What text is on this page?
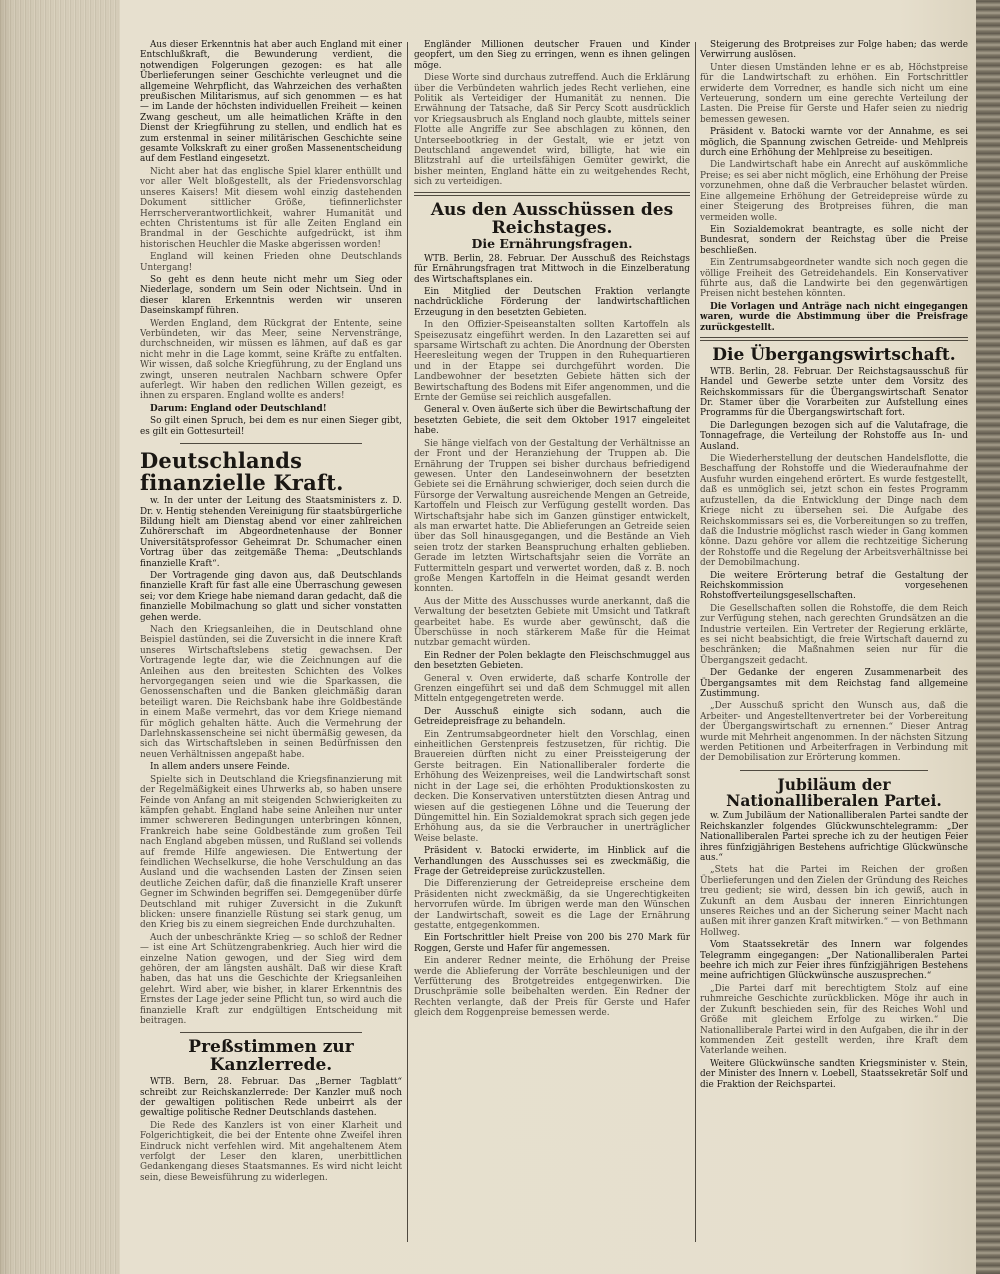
Aus dieser Erkenntnis hat aber auch England mit einer Entschlußkraft, die Bewunderung verdient, die notwendigen Folgerungen gezogen: es hat alle Überlieferungen seiner Geschichte verleugnet und die allgemeine Wehrpflicht, das Wahrzeichen des verhaßten preußischen Militarismus, auf sich genommen — es hat — im Lande der höchsten individuellen Freiheit — keinen Zwang gescheut, um alle heimatlichen Kräfte in den Dienst der Kriegführung zu stellen, und endlich hat es zum erstenmal in seiner militärischen Geschichte seine gesamte Volkskraft zu einer großen Massenentscheidung auf dem Festland eingesetzt.

Nicht aber hat das englische Spiel klarer enthüllt und vor aller Welt bloßgestellt, als der Friedensvorschlag unseres Kaisers! Mit diesem wohl einzig dastehenden Dokument sittlicher Größe, tiefinnerlichster Herrscherverantwortlichkeit, wahrer Humanität und echten Christentums ist für alle Zeiten England ein Brandmal in der Geschichte aufgedrückt, ist ihm historischen Heuchler die Maske abgerissen worden!

England will keinen Frieden ohne Deutschlands Untergang!

So geht es denn heute nicht mehr um Sieg oder Niederlage, sondern um Sein oder Nichtsein. Und in dieser klaren Erkenntnis werden wir unseren Daseinskampf führen.

Werden England, dem Rückgrat der Entente, seine Verbündeten, wir das Meer, seine Nervenstränge, durchschneiden, wir müssen es lähmen, auf daß es gar nicht mehr in die Lage kommt, seine Kräfte zu entfalten. Wir wissen, daß solche Kriegführung, zu der England uns zwingt, unseren neutralen Nachbarn schwere Opfer auferlegt. Wir haben den redlichen Willen gezeigt, es ihnen zu ersparen. England wollte es anders!

Darum: England oder Deutschland!

So gilt einen Spruch, bei dem es nur einen Sieger gibt, es gilt ein Gottesurteil!

Deutschlands finanzielle Kraft.

w. In der unter der Leitung des Staatsministers z. D. Dr. v. Hentig stehenden Vereinigung für staatsbürgerliche Bildung hielt am Dienstag abend vor einer zahlreichen Zuhörerschaft im Abgeordnetenhause der Bonner Universitätsprofessor Geheimrat Dr. Schumacher einen Vortrag über das zeitgemäße Thema: „Deutschlands finanzielle Kraft“.

Der Vortragende ging davon aus, daß Deutschlands finanzielle Kraft für fast alle eine Überraschung gewesen sei; vor dem Kriege habe niemand daran gedacht, daß die finanzielle Mobilmachung so glatt und sicher vonstatten gehen werde.

Nach den Kriegsanleihen, die in Deutschland ohne Beispiel dastünden, sei die Zuversicht in die innere Kraft unseres Wirtschaftslebens stetig gewachsen. Der Vortragende legte dar, wie die Zeichnungen auf die Anleihen aus den breitesten Schichten des Volkes hervorgegangen seien und wie die Sparkassen, die Genossenschaften und die Banken gleichmäßig daran beteiligt waren. Die Reichsbank habe ihre Goldbestände in einem Maße vermehrt, das vor dem Kriege niemand für möglich gehalten hätte. Auch die Vermehrung der Darlehnskassenscheine sei nicht übermäßig gewesen, da sich das Wirtschaftsleben in seinen Bedürfnissen den neuen Verhältnissen angepaßt habe.

In allem anders unsere Feinde.

Spielte sich in Deutschland die Kriegsfinanzierung mit der Regelmäßigkeit eines Uhrwerks ab, so haben unsere Feinde von Anfang an mit steigenden Schwierigkeiten zu kämpfen gehabt. England habe seine Anleihen nur unter immer schwereren Bedingungen unterbringen können, Frankreich habe seine Goldbestände zum großen Teil nach England abgeben müssen, und Rußland sei vollends auf fremde Hilfe angewiesen. Die Entwertung der feindlichen Wechselkurse, die hohe Verschuldung an das Ausland und die wachsenden Lasten der Zinsen seien deutliche Zeichen dafür, daß die finanzielle Kraft unserer Gegner im Schwinden begriffen sei. Demgegenüber dürfe Deutschland mit ruhiger Zuversicht in die Zukunft blicken: unsere finanzielle Rüstung sei stark genug, um den Krieg bis zu einem siegreichen Ende durchzuhalten.

Auch der unbeschränkte Krieg — so schloß der Redner — ist eine Art Schützengrabenkrieg. Auch hier wird die einzelne Nation gewogen, und der Sieg wird dem gehören, der am längsten aushält. Daß wir diese Kraft haben, das hat uns die Geschichte der Kriegsanleihen gelehrt. Wird aber, wie bisher, in klarer Erkenntnis des Ernstes der Lage jeder seine Pflicht tun, so wird auch die finanzielle Kraft zur endgültigen Entscheidung mit beitragen.

Preßstimmen zur Kanzlerrede.

WTB. Bern, 28. Februar. Das „Berner Tagblatt“ schreibt zur Reichskanzlerrede: Der Kanzler muß noch der gewaltigen politischen Rede unbeirrt als der gewaltige politische Redner Deutschlands dastehen.

Die Rede des Kanzlers ist von einer Klarheit und Folgerichtigkeit, die bei der Entente ohne Zweifel ihren Eindruck nicht verfehlen wird. Mit angehaltenem Atem verfolgt der Leser den klaren, unerbittlichen Gedankengang dieses Staatsmannes. Es wird nicht leicht sein, diese Beweisführung zu widerlegen.

Engländer Millionen deutscher Frauen und Kinder geopfert, um den Sieg zu erringen, wenn es ihnen gelingen möge.

Diese Worte sind durchaus zutreffend. Auch die Erklärung über die Verbündeten wahrlich jedes Recht verliehen, eine Politik als Verteidiger der Humanität zu nennen. Die Erwähnung der Tatsache, daß Sir Percy Scott ausdrücklich vor Kriegsausbruch als England noch glaubte, mittels seiner Flotte alle Angriffe zur See abschlagen zu können, den Unterseebootkrieg in der Gestalt, wie er jetzt von Deutschland angewendet wird, billigte, hat wie ein Blitzstrahl auf die urteilsfähigen Gemüter gewirkt, die bisher meinten, England hätte ein zu weitgehendes Recht, sich zu verteidigen.

Aus den Ausschüssen des Reichstages.
Die Ernährungsfragen.

WTB. Berlin, 28. Februar. Der Ausschuß des Reichstags für Ernährungsfragen trat Mittwoch in die Einzelberatung des Wirtschaftsplanes ein.

Ein Mitglied der Deutschen Fraktion verlangte nachdrückliche Förderung der landwirtschaftlichen Erzeugung in den besetzten Gebieten.

In den Offizier-Speiseanstalten sollten Kartoffeln als Speisezusatz eingeführt werden. In den Lazaretten sei auf sparsame Wirtschaft zu achten. Die Anordnung der Obersten Heeresleitung wegen der Truppen in den Ruhequartieren und in der Etappe sei durchgeführt worden. Die Landbewohner der besetzten Gebiete hätten sich der Bewirtschaftung des Bodens mit Eifer angenommen, und die Ernte der Gemüse sei reichlich ausgefallen.

General v. Oven äußerte sich über die Bewirtschaftung der besetzten Gebiete, die seit dem Oktober 1917 eingeleitet habe.

Sie hänge vielfach von der Gestaltung der Verhältnisse an der Front und der Heranziehung der Truppen ab. Die Ernährung der Truppen sei bisher durchaus befriedigend gewesen. Unter den Landeseinwohnern der besetzten Gebiete sei die Ernährung schwieriger, doch seien durch die Fürsorge der Verwaltung ausreichende Mengen an Getreide, Kartoffeln und Fleisch zur Verfügung gestellt worden. Das Wirtschaftsjahr habe sich im Ganzen günstiger entwickelt, als man erwartet hatte. Die Ablieferungen an Getreide seien über das Soll hinausgegangen, und die Bestände an Vieh seien trotz der starken Beanspruchung erhalten geblieben. Gerade im letzten Wirtschaftsjahr seien die Vorräte an Futtermitteln gespart und verwertet worden, daß z. B. noch große Mengen Kartoffeln in die Heimat gesandt werden konnten.

Aus der Mitte des Ausschusses wurde anerkannt, daß die Verwaltung der besetzten Gebiete mit Umsicht und Tatkraft gearbeitet habe. Es wurde aber gewünscht, daß die Überschüsse in noch stärkerem Maße für die Heimat nutzbar gemacht würden.

Ein Redner der Polen beklagte den Fleischschmuggel aus den besetzten Gebieten.

General v. Oven erwiderte, daß scharfe Kontrolle der Grenzen eingeführt sei und daß dem Schmuggel mit allen Mitteln entgegengetreten werde.

Der Ausschuß einigte sich sodann, auch die Getreidepreisfrage zu behandeln.

Ein Zentrumsabgeordneter hielt den Vorschlag, einen einheitlichen Gerstenpreis festzusetzen, für richtig. Die Brauereien dürften nicht zu einer Preissteigerung der Gerste beitragen. Ein Nationalliberaler forderte die Erhöhung des Weizenpreises, weil die Landwirtschaft sonst nicht in der Lage sei, die erhöhten Produktionskosten zu decken. Die Konservativen unterstützten diesen Antrag und wiesen auf die gestiegenen Löhne und die Teuerung der Düngemittel hin. Ein Sozialdemokrat sprach sich gegen jede Erhöhung aus, da sie die Verbraucher in unerträglicher Weise belaste.

Präsident v. Batocki erwiderte, im Hinblick auf die Verhandlungen des Ausschusses sei es zweckmäßig, die Frage der Getreidepreise zurückzustellen.

Die Differenzierung der Getreidepreise erscheine dem Präsidenten nicht zweckmäßig, da sie Ungerechtigkeiten hervorrufen würde. Im übrigen werde man den Wünschen der Landwirtschaft, soweit es die Lage der Ernährung gestatte, entgegenkommen.

Ein Fortschrittler hielt Preise von 200 bis 270 Mark für Roggen, Gerste und Hafer für angemessen.

Ein anderer Redner meinte, die Erhöhung der Preise werde die Ablieferung der Vorräte beschleunigen und der Verfütterung des Brotgetreides entgegenwirken. Die Druschprämie solle beibehalten werden. Ein Redner der Rechten verlangte, daß der Preis für Gerste und Hafer gleich dem Roggenpreise bemessen werde.

Steigerung des Brotpreises zur Folge haben; das werde Verwirrung auslösen.

Unter diesen Umständen lehne er es ab, Höchstpreise für die Landwirtschaft zu erhöhen. Ein Fortschrittler erwiderte dem Vorredner, es handle sich nicht um eine Verteuerung, sondern um eine gerechte Verteilung der Lasten. Die Preise für Gerste und Hafer seien zu niedrig bemessen gewesen.

Präsident v. Batocki warnte vor der Annahme, es sei möglich, die Spannung zwischen Getreide- und Mehlpreis durch eine Erhöhung der Mehlpreise zu beseitigen.

Die Landwirtschaft habe ein Anrecht auf auskömmliche Preise; es sei aber nicht möglich, eine Erhöhung der Preise vorzunehmen, ohne daß die Verbraucher belastet würden. Eine allgemeine Erhöhung der Getreidepreise würde zu einer Steigerung des Brotpreises führen, die man vermeiden wolle.

Ein Sozialdemokrat beantragte, es solle nicht der Bundesrat, sondern der Reichstag über die Preise beschließen.

Ein Zentrumsabgeordneter wandte sich noch gegen die völlige Freiheit des Getreidehandels. Ein Konservativer führte aus, daß die Landwirte bei den gegenwärtigen Preisen nicht bestehen könnten.

Die Vorlagen und Anträge nach nicht eingegangen waren, wurde die Abstimmung über die Preisfrage zurückgestellt.

Die Übergangswirtschaft.

WTB. Berlin, 28. Februar. Der Reichstagsausschuß für Handel und Gewerbe setzte unter dem Vorsitz des Reichskommissars für die Übergangswirtschaft Senator Dr. Stamer über die Vorarbeiten zur Aufstellung eines Programms für die Übergangswirtschaft fort.

Die Darlegungen bezogen sich auf die Valutafrage, die Tonnagefrage, die Verteilung der Rohstoffe aus In- und Ausland.

Die Wiederherstellung der deutschen Handelsflotte, die Beschaffung der Rohstoffe und die Wiederaufnahme der Ausfuhr wurden eingehend erörtert. Es wurde festgestellt, daß es unmöglich sei, jetzt schon ein festes Programm aufzustellen, da die Entwicklung der Dinge nach dem Kriege nicht zu übersehen sei. Die Aufgabe des Reichskommissars sei es, die Vorbereitungen so zu treffen, daß die Industrie möglichst rasch wieder in Gang kommen könne. Dazu gehöre vor allem die rechtzeitige Sicherung der Rohstoffe und die Regelung der Arbeitsverhältnisse bei der Demobilmachung.

Die weitere Erörterung betraf die Gestaltung der Reichskommission vorgesehenen Rohstoffverteilungsgesellschaften.

Die Gesellschaften sollen die Rohstoffe, die dem Reich zur Verfügung stehen, nach gerechten Grundsätzen an die Industrie verteilen. Ein Vertreter der Regierung erklärte, es sei nicht beabsichtigt, die freie Wirtschaft dauernd zu beschränken; die Maßnahmen seien nur für die Übergangszeit gedacht.

Der Gedanke der engeren Zusammenarbeit des Übergangsamtes mit dem Reichstag fand allgemeine Zustimmung.

„Der Ausschuß spricht den Wunsch aus, daß die Arbeiter- und Angestelltenvertreter bei der Vorbereitung der Übergangswirtschaft zu ernennen.“ Dieser Antrag wurde mit Mehrheit angenommen. In der nächsten Sitzung werden Petitionen und Arbeiterfragen in Verbindung mit der Demobilisation zur Erörterung kommen.

Jubiläum der Nationalliberalen Partei.

w. Zum Jubiläum der Nationalliberalen Partei sandte der Reichskanzler folgendes Glückwunschtelegramm: „Der Nationalliberalen Partei spreche ich zu der heutigen Feier ihres fünfzigjährigen Bestehens aufrichtige Glückwünsche aus.“

„Stets hat die Partei im Reichen der großen Überlieferungen und den Zielen der Gründung des Reiches treu gedient; sie wird, dessen bin ich gewiß, auch in Zukunft an dem Ausbau der inneren Einrichtungen unseres Reiches und an der Sicherung seiner Macht nach außen mit ihrer ganzen Kraft mitwirken.“ — von Bethmann Hollweg.

Vom Staatssekretär des Innern war folgendes Telegramm eingegangen: „Der Nationalliberalen Partei beehre ich mich zur Feier ihres fünfzigjährigen Bestehens meine aufrichtigen Glückwünsche auszusprechen.“

„Die Partei darf mit berechtigtem Stolz auf eine ruhmreiche Geschichte zurückblicken. Möge ihr auch in der Zukunft beschieden sein, für des Reiches Wohl und Größe mit gleichem Erfolge zu wirken.“ Die Nationalliberale Partei wird in den Aufgaben, die ihr in der kommenden Zeit gestellt werden, ihre Kraft dem Vaterlande weihen.

Weitere Glückwünsche sandten Kriegsminister v. Stein, der Minister des Innern v. Loebell, Staatssekretär Solf und die Fraktion der Reichspartei.
